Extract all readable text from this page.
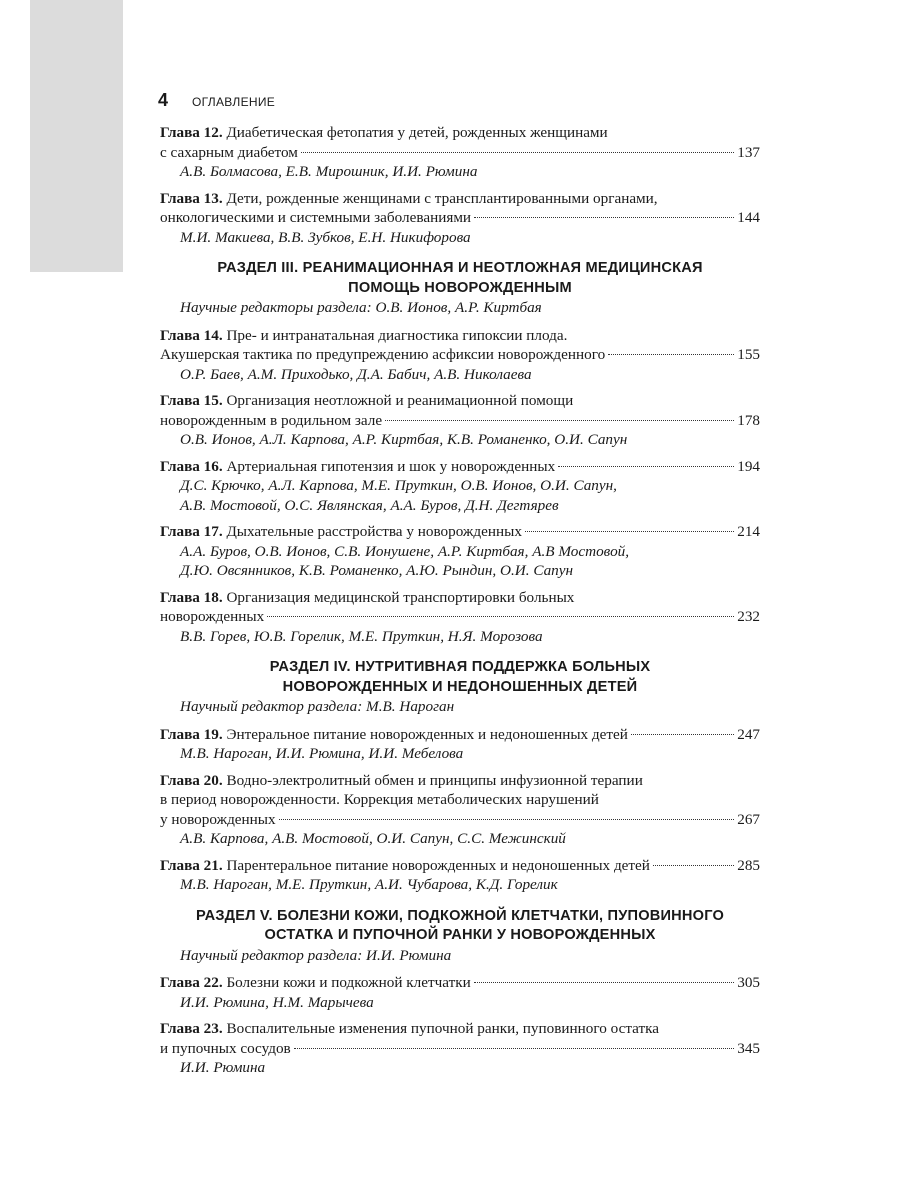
4 ОГЛАВЛЕНИЕ
Глава 12. Диабетическая фетопатия у детей, рожденных женщинами
с сахарным диабетом	137
А.В. Болмасова, Е.В. Мирошник, И.И. Рюмина
Глава 13. Дети, рожденные женщинами с трансплантированными органами,
онкологическими и системными заболеваниями	144
М.И. Макиева, В.В. Зубков, Е.Н. Никифорова
РАЗДЕЛ III. РЕАНИМАЦИОННАЯ И НЕОТЛОЖНАЯ МЕДИЦИНСКАЯ
ПОМОЩЬ НОВОРОЖДЕННЫМ
Научные редакторы раздела: О.В. Ионов, А.Р. Киртбая
Глава 14. Пре- и интранатальная диагностика гипоксии плода.
Акушерская тактика по предупреждению асфиксии новорожденного	155
О.Р. Баев, А.М. Приходько, Д.А. Бабич, А.В. Николаева
Глава 15. Организация неотложной и реанимационной помощи
новорожденным в родильном зале	178
О.В. Ионов, А.Л. Карпова, А.Р. Киртбая, К.В. Романенко, О.И. Сапун
Глава 16. Артериальная гипотензия и шок у новорожденных	194
Д.С. Крючко, А.Л. Карпова, М.Е. Пруткин, О.В. Ионов, О.И. Сапун,
А.В. Мостовой, О.С. Являнская, А.А. Буров, Д.Н. Дегтярев
Глава 17. Дыхательные расстройства у новорожденных	214
А.А. Буров, О.В. Ионов, С.В. Ионушене, А.Р. Киртбая, А.В Мостовой,
Д.Ю. Овсянников, К.В. Романенко, А.Ю. Рындин, О.И. Сапун
Глава 18. Организация медицинской транспортировки больных
новорожденных	232
В.В. Горев, Ю.В. Горелик, М.Е. Пруткин, Н.Я. Морозова
РАЗДЕЛ IV. НУТРИТИВНАЯ ПОДДЕРЖКА БОЛЬНЫХ
НОВОРОЖДЕННЫХ И НЕДОНОШЕННЫХ ДЕТЕЙ
Научный редактор раздела: М.В. Нароган
Глава 19. Энтеральное питание новорожденных и недоношенных детей	247
М.В. Нароган, И.И. Рюмина, И.И. Мебелова
Глава 20. Водно-электролитный обмен и принципы инфузионной терапии
в период новорожденности. Коррекция метаболических нарушений
у новорожденных	267
А.В. Карпова, А.В. Мостовой, О.И. Сапун, С.С. Межинский
Глава 21. Парентеральное питание новорожденных и недоношенных детей	285
М.В. Нароган, М.Е. Пруткин, А.И. Чубарова, К.Д. Горелик
РАЗДЕЛ V. БОЛЕЗНИ КОЖИ, ПОДКОЖНОЙ КЛЕТЧАТКИ, ПУПОВИННОГО
ОСТАТКА И ПУПОЧНОЙ РАНКИ У НОВОРОЖДЕННЫХ
Научный редактор раздела: И.И. Рюмина
Глава 22. Болезни кожи и подкожной клетчатки	305
И.И. Рюмина, Н.М. Марычева
Глава 23. Воспалительные изменения пупочной ранки, пуповинного остатка
и пупочных сосудов	345
И.И. Рюмина
